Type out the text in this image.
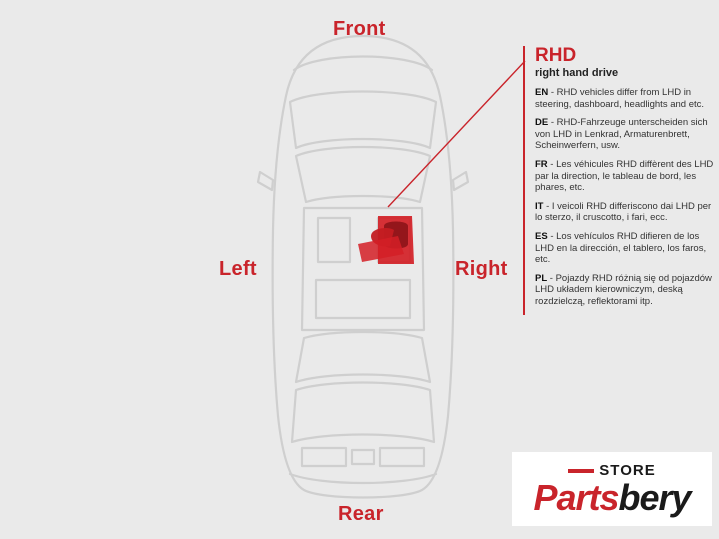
Front
Rear
Left	Right
RHD
right hand drive
EN - RHD vehicles differ from LHD in steering, dashboard, headlights and etc.
DE - RHD-Fahrzeuge unterscheiden sich von LHD in Lenkrad, Armaturenbrett, Scheinwerfern, usw.
FR - Les véhicules RHD diffèrent des LHD par la direction, le tableau de bord, les phares, etc.
IT - I veicoli RHD differiscono dai LHD per lo sterzo, il cruscotto, i fari, ecc.
ES - Los vehículos RHD difieren de los LHD en la dirección, el tablero, los faros, etc.
PL - Pojazdy RHD różnią się od pojazdów LHD układem kierowniczym, deską rozdzielczą, reflektorami itp.
STORE
Partsbery
